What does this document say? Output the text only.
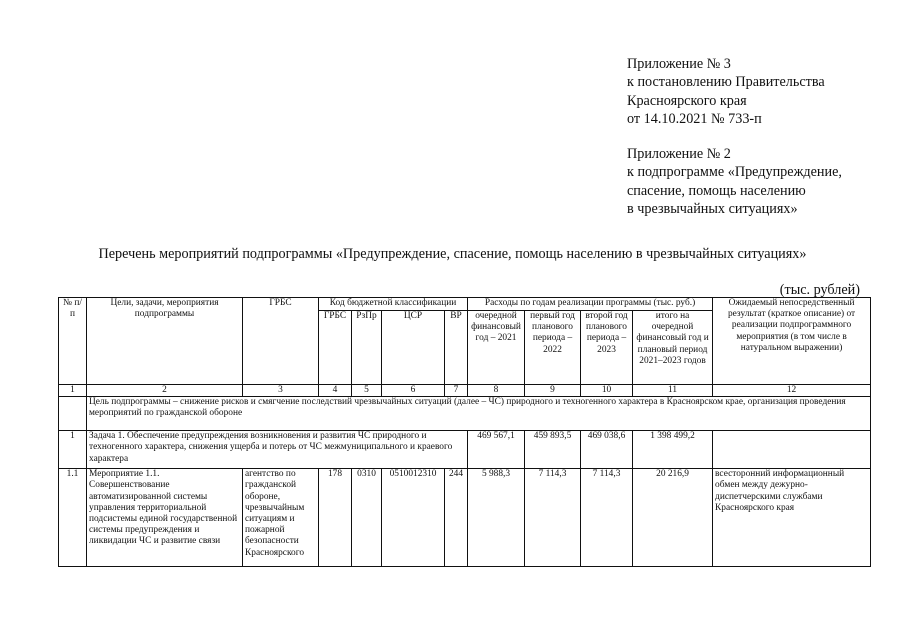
Приложение № 3
к постановлению Правительства
Красноярского края
от 14.10.2021 № 733-п
Приложение № 2
к подпрограмме «Предупреждение,
спасение, помощь населению
в чрезвычайных ситуациях»
Перечень мероприятий подпрограммы «Предупреждение, спасение, помощь населению в чрезвычайных ситуациях»
(тыс. рублей)
№ п/п	Цели, задачи, мероприятия подпрограммы	ГРБС	Код бюджетной классификации				Расходы по годам реализации программы (тыс. руб.)				Ожидаемый непосредственный результат (краткое описание) от реализации подпрограммного мероприятия (в том числе в натуральном выражении)
			ГРБС	РзПр	ЦСР	ВР	очередной финансовый год – 2021	первый год планового периода – 2022	второй год планового периода – 2023	итого на очередной финансовый год и плановый период 2021–2023 годов	
1	2	3	4	5	6	7	8	9	10	11	12
	Цель подпрограммы – снижение рисков и смягчение последствий чрезвычайных ситуаций (далее – ЧС) природного и техногенного характера в Красноярском крае, организация проведения мероприятий по гражданской обороне										
1	Задача 1. Обеспечение предупреждения возникновения и развития ЧС природного и техногенного характера, снижения ущерба и потерь от ЧС межмуниципального и краевого характера						469 567,1	459 893,5	469 038,6	1 398 499,2	
1.1	Мероприятие 1.1. Совершенствование автоматизированной системы управления территориальной подсистемы единой государственной системы предупреждения и ликвидации ЧС и развитие связи	агентство по гражданской обороне, чрезвычайным ситуациям и пожарной безопасности Красноярского	178	0310	0510012310	244	5 988,3	7 114,3	7 114,3	20 216,9	всесторонний информационный обмен между дежурно-диспетчерскими службами Красноярского края
